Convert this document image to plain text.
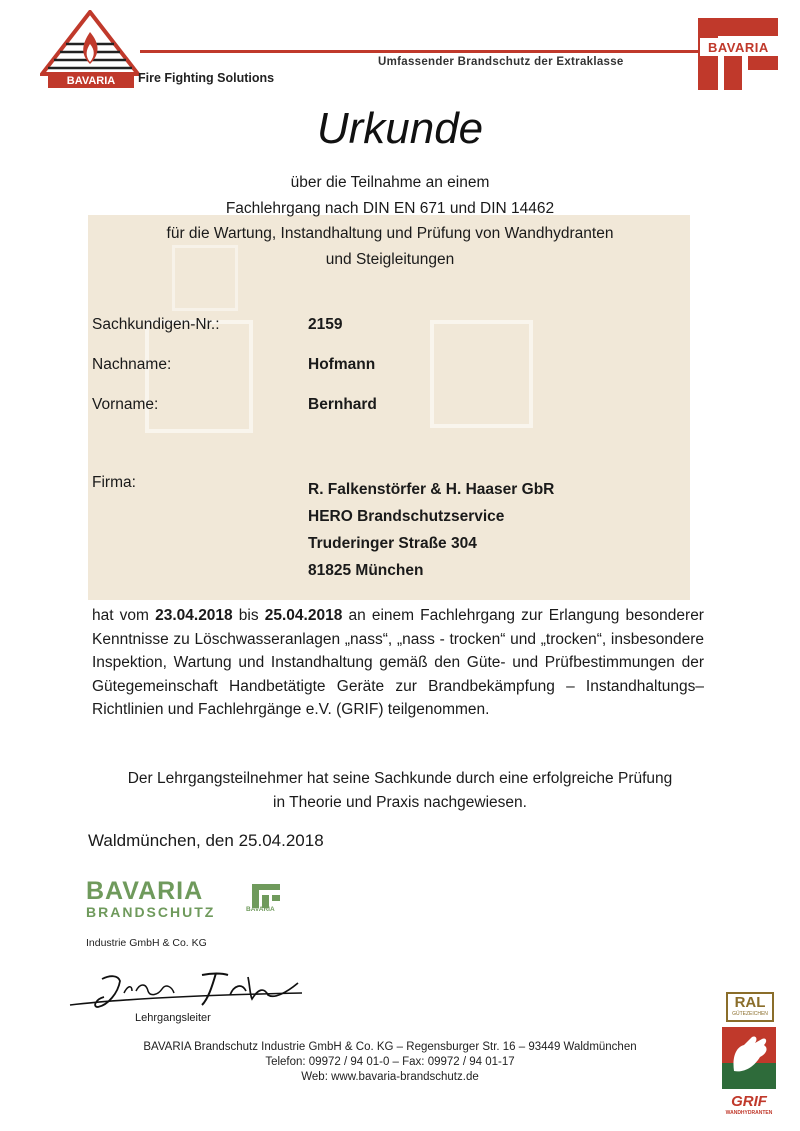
BAVARIA	Fire Fighting Solutions
Umfassender Brandschutz der Extraklasse
BAVARIA
Urkunde
über die Teilnahme an einem
Fachlehrgang nach DIN EN 671 und DIN 14462
für die Wartung, Instandhaltung und Prüfung von Wandhydranten
und Steigleitungen
Sachkundigen-Nr.:	2159
Nachname:	Hofmann
Vorname:	Bernhard
Firma:	R. Falkenstörfer & H. Haaser GbR
HERO Brandschutzservice
Truderinger Straße 304
81825 München
hat vom 23.04.2018 bis 25.04.2018 an einem Fachlehrgang zur Erlangung besonderer Kenntnisse zu Löschwasseranlagen „nass“, „nass - trocken“ und „trocken“, insbesondere Inspektion, Wartung und Instandhaltung gemäß den Güte- und Prüfbestimmungen der Gütegemeinschaft Handbetätigte Geräte zur Brandbekämpfung – Instandhaltungs– Richtlinien und Fachlehrgänge e.V. (GRIF) teilgenommen.
Der Lehrgangsteilnehmer hat seine Sachkunde durch eine erfolgreiche Prüfung
in Theorie und Praxis nachgewiesen.
Waldmünchen, den 25.04.2018
BAVARIA
BRANDSCHUTZ	BAVARIA
Industrie GmbH & Co. KG
Lehrgangsleiter
BAVARIA Brandschutz Industrie GmbH & Co. KG – Regensburger Str. 16 – 93449 Waldmünchen
Telefon: 09972 / 94 01-0 – Fax: 09972 / 94 01-17
Web: www.bavaria-brandschutz.de
RAL
GÜTEZEICHEN
GRIF
WANDHYDRANTEN
